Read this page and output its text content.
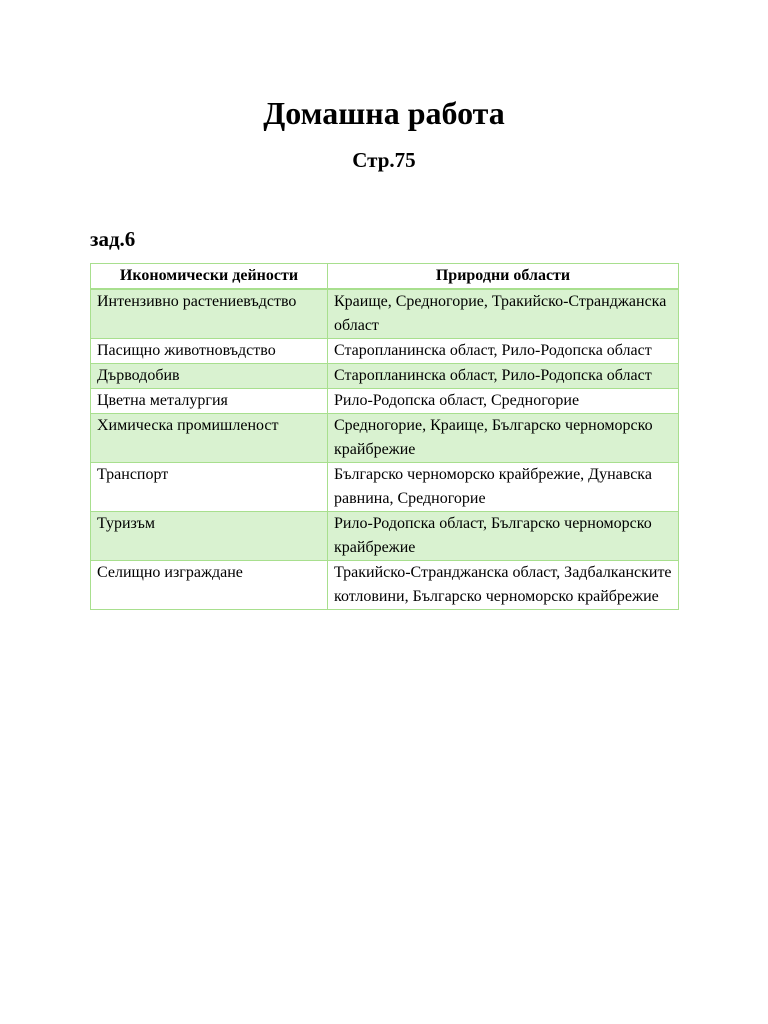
Домашна работа
Стр.75
зад.6
Икономически дейности	Природни области
Интензивно растениевъдство	Краище, Средногорие, Тракийско-Странджанска област
Пасищно животновъдство	Старопланинска област, Рило-Родопска област
Дърводобив	Старопланинска област, Рило-Родопска област
Цветна металургия	Рило-Родопска област, Средногорие
Химическа промишленост	Средногорие, Краище, Българско черноморско крайбрежие
Транспорт	Българско черноморско крайбрежие, Дунавска равнина, Средногорие
Туризъм	Рило-Родопска област, Българско черноморско крайбрежие
Селищно изграждане	Тракийско-Странджанска област, Задбалканските котловини, Българско черноморско крайбрежие
